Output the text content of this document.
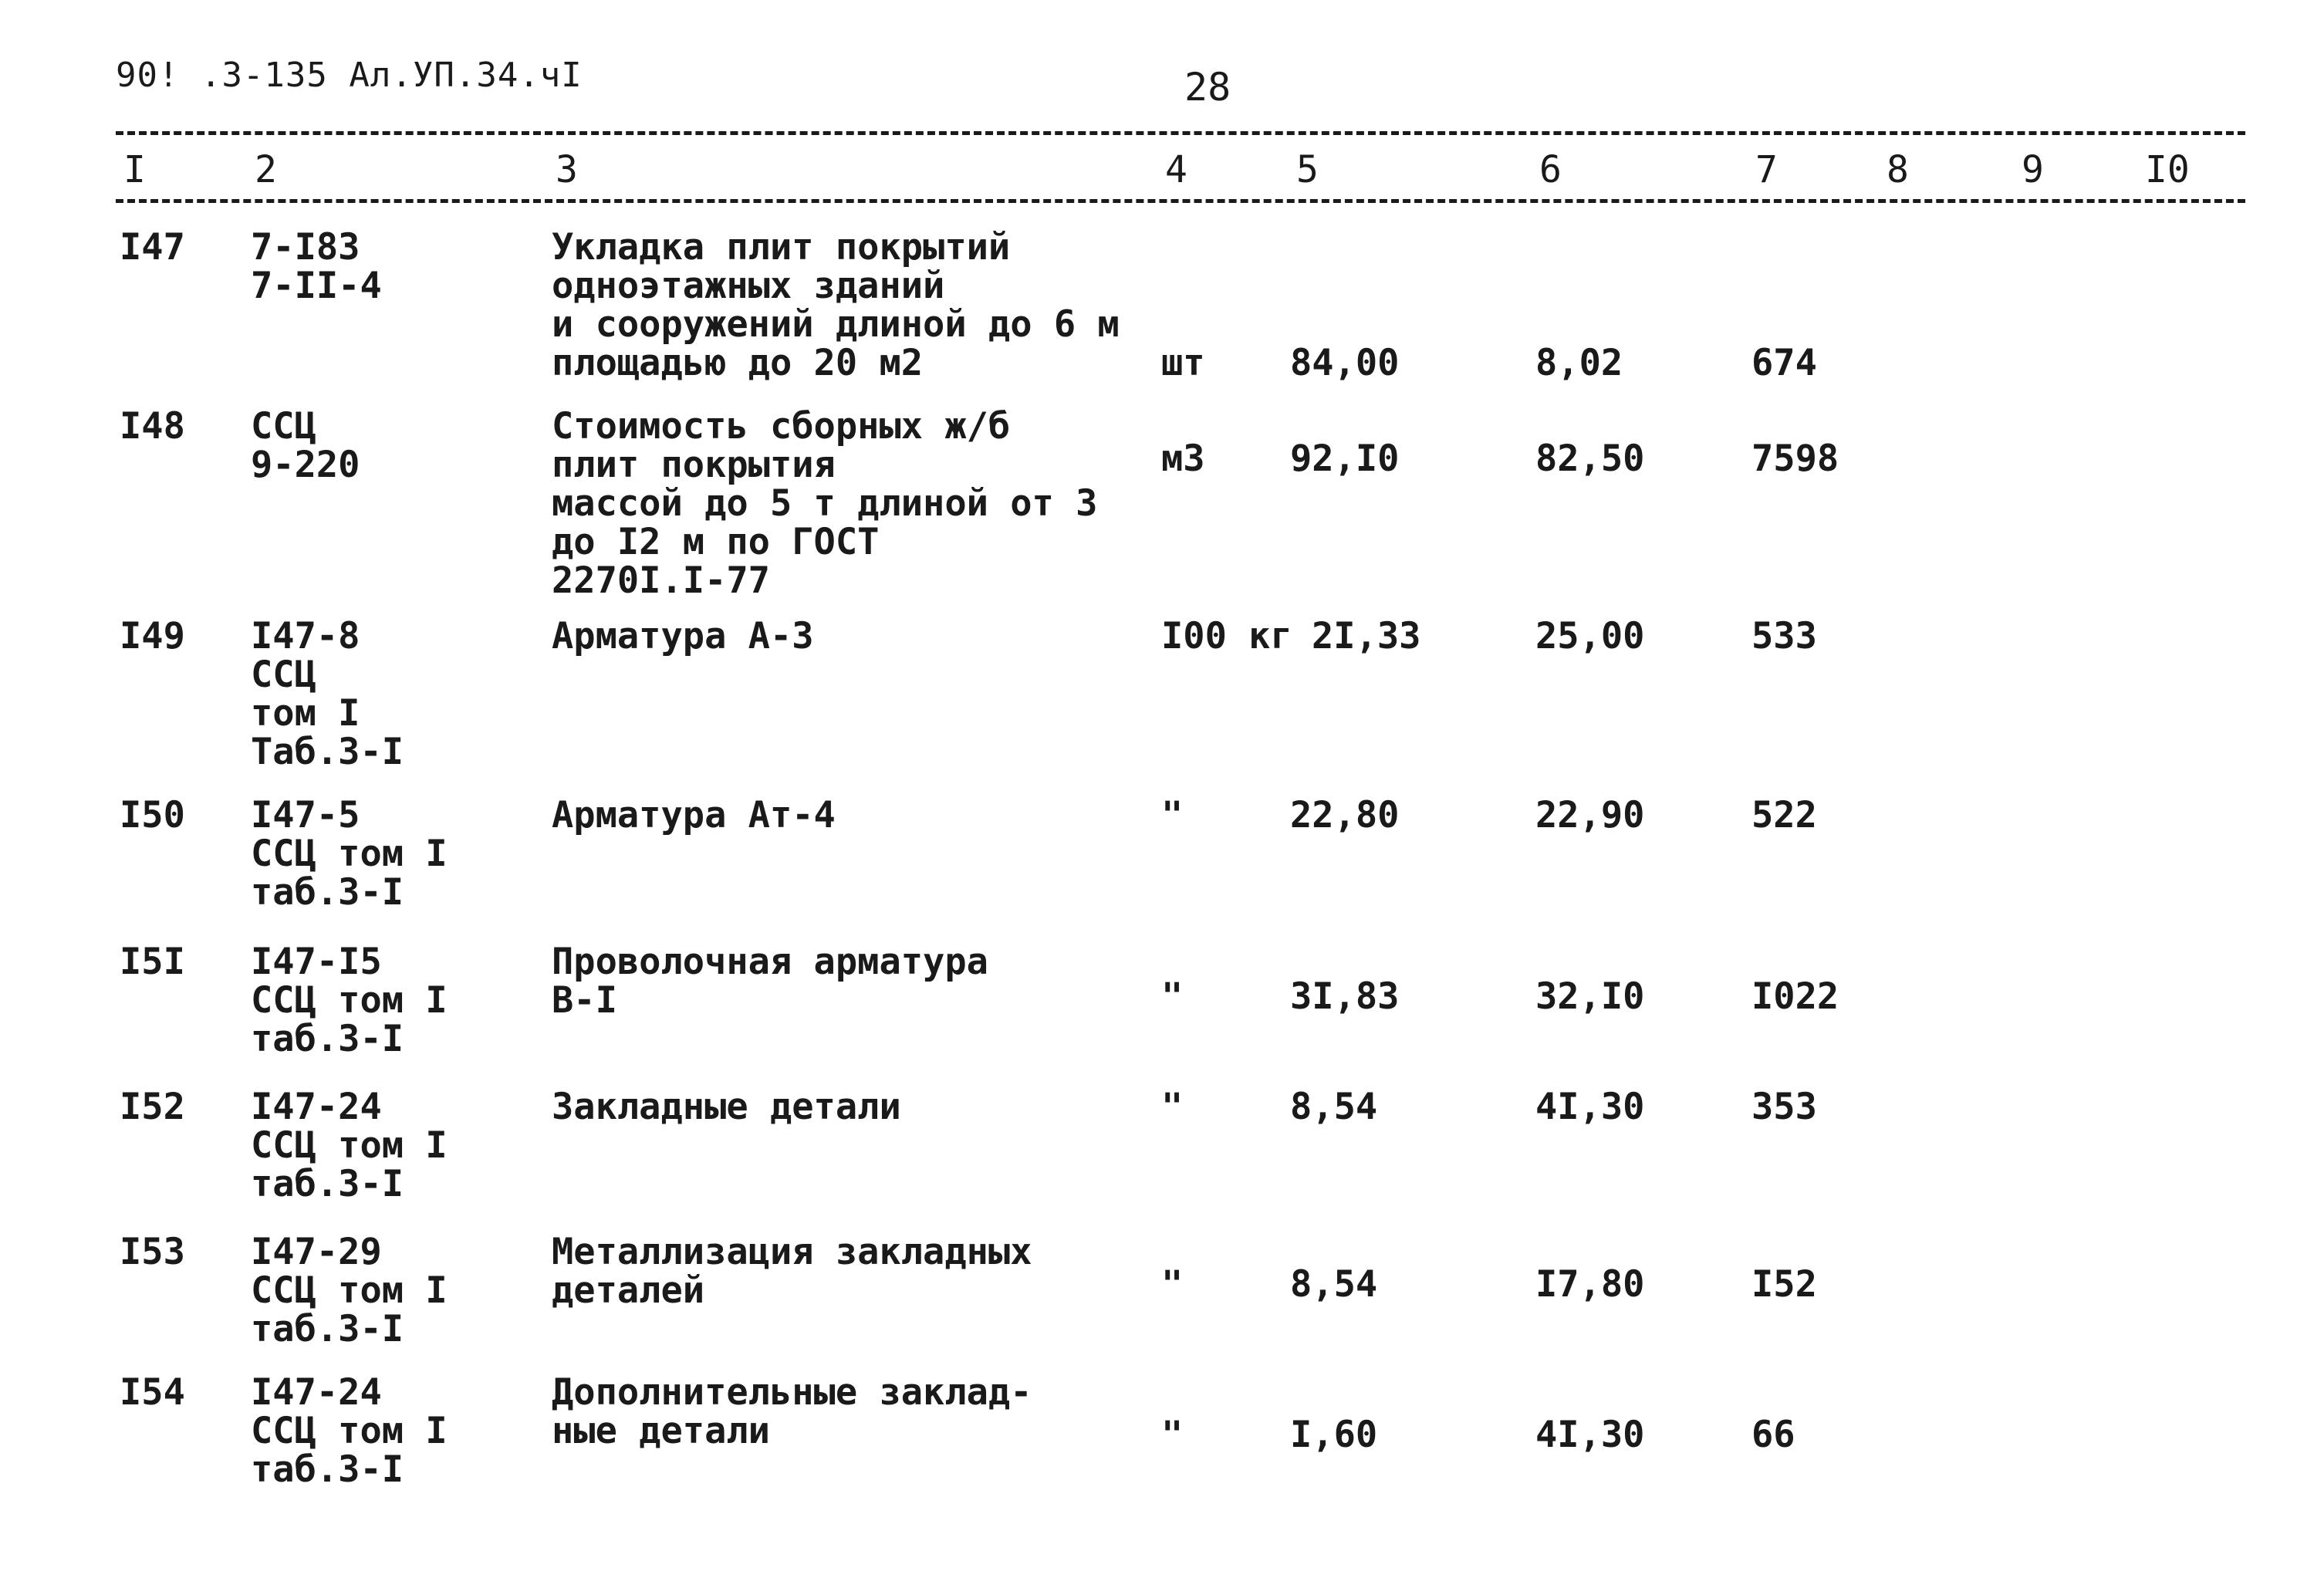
90! .3-135 Ал.УП.34.чI	28
I	2	3	4	5	6	7	8	9	I0
I47 7-I83
7-II-4
Укладка плит покрытий
одноэтажных зданий
и сооружений длиной до 6 м
площадью до 20 м2	шт 84,00	8,02	674
I48 ССЦ
9-220
Стоимость сборных ж/б
плит покрытия
массой до 5 т длиной от 3
до I2 м по ГОСТ
2270I.I-77
м3 92,I0	82,50	7598
I49 I47-8
ССЦ
том I
Таб.3-I
Арматура А-3	I00 кг 2I,33	25,00	533
I50 I47-5
ССЦ том I
таб.3-I
Арматура Ат-4	"	22,80	22,90	522
I5I I47-I5
ССЦ том I
таб.3-I
Проволочная арматура
В-I	"	3I,83	32,I0	I022
I52 I47-24
ССЦ том I
таб.3-I
Закладные детали	"	8,54	4I,30	353
I53 I47-29
ССЦ том I
таб.3-I
Металлизация закладных
деталей	"	8,54	I7,80	I52
I54 I47-24
ССЦ том I
таб.3-I
Дополнительные заклад-
ные детали	"	I,60	4I,30	66
